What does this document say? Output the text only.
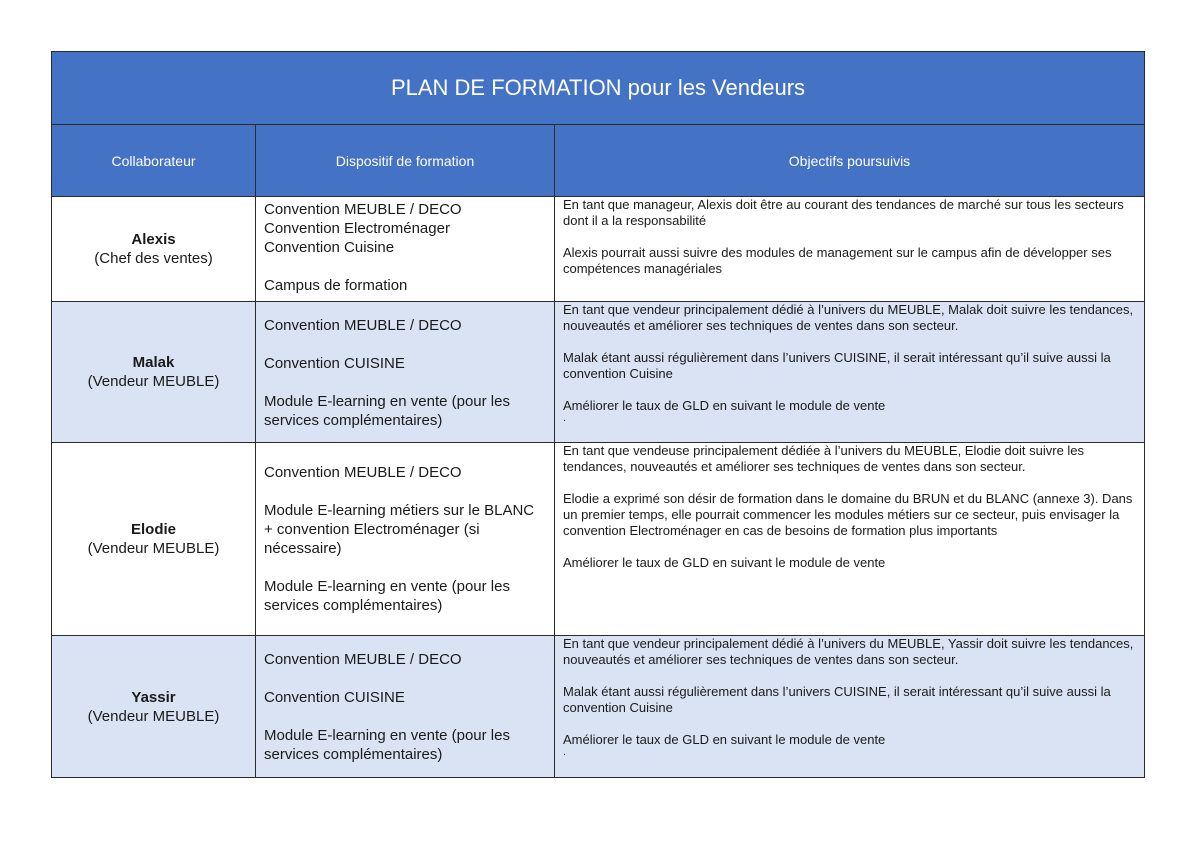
PLAN DE FORMATION pour les Vendeurs
Collaborateur	Dispositif de formation	Objectifs poursuivis
Alexis
(Chef des ventes)
Convention MEUBLE / DECO
Convention Electroménager
Convention Cuisine
Campus de formation
En tant que manageur, Alexis doit être au courant des tendances de marché sur tous les secteurs dont il a la responsabilité
Alexis pourrait aussi suivre des modules de management sur le campus afin de développer ses compétences managériales
Malak
(Vendeur MEUBLE)
Convention MEUBLE / DECO
Convention CUISINE
Module E-learning en vente (pour les services complémentaires)
En tant que vendeur principalement dédié à l’univers du MEUBLE, Malak doit suivre les tendances, nouveautés et améliorer ses techniques de ventes dans son secteur.
Malak étant aussi régulièrement dans l’univers CUISINE, il serait intéressant qu’il suive aussi la convention Cuisine
Améliorer le taux de GLD en suivant le module de vente
.
Elodie
(Vendeur MEUBLE)
Convention MEUBLE / DECO
Module E-learning métiers sur le BLANC + convention Electroménager (si nécessaire)
Module E-learning en vente (pour les services complémentaires)
En tant que vendeuse principalement dédiée à l’univers du MEUBLE, Elodie doit suivre les tendances, nouveautés et améliorer ses techniques de ventes dans son secteur.
Elodie a exprimé son désir de formation dans le domaine du BRUN et du BLANC (annexe 3). Dans un premier temps, elle pourrait commencer les modules métiers sur ce secteur, puis envisager la convention Electroménager en cas de besoins de formation plus importants
Améliorer le taux de GLD en suivant le module de vente
Yassir
(Vendeur MEUBLE)
Convention MEUBLE / DECO
Convention CUISINE
Module E-learning en vente (pour les services complémentaires)
En tant que vendeur principalement dédié à l’univers du MEUBLE, Yassir doit suivre les tendances, nouveautés et améliorer ses techniques de ventes dans son secteur.
Malak étant aussi régulièrement dans l’univers CUISINE, il serait intéressant qu’il suive aussi la convention Cuisine
Améliorer le taux de GLD en suivant le module de vente
.
